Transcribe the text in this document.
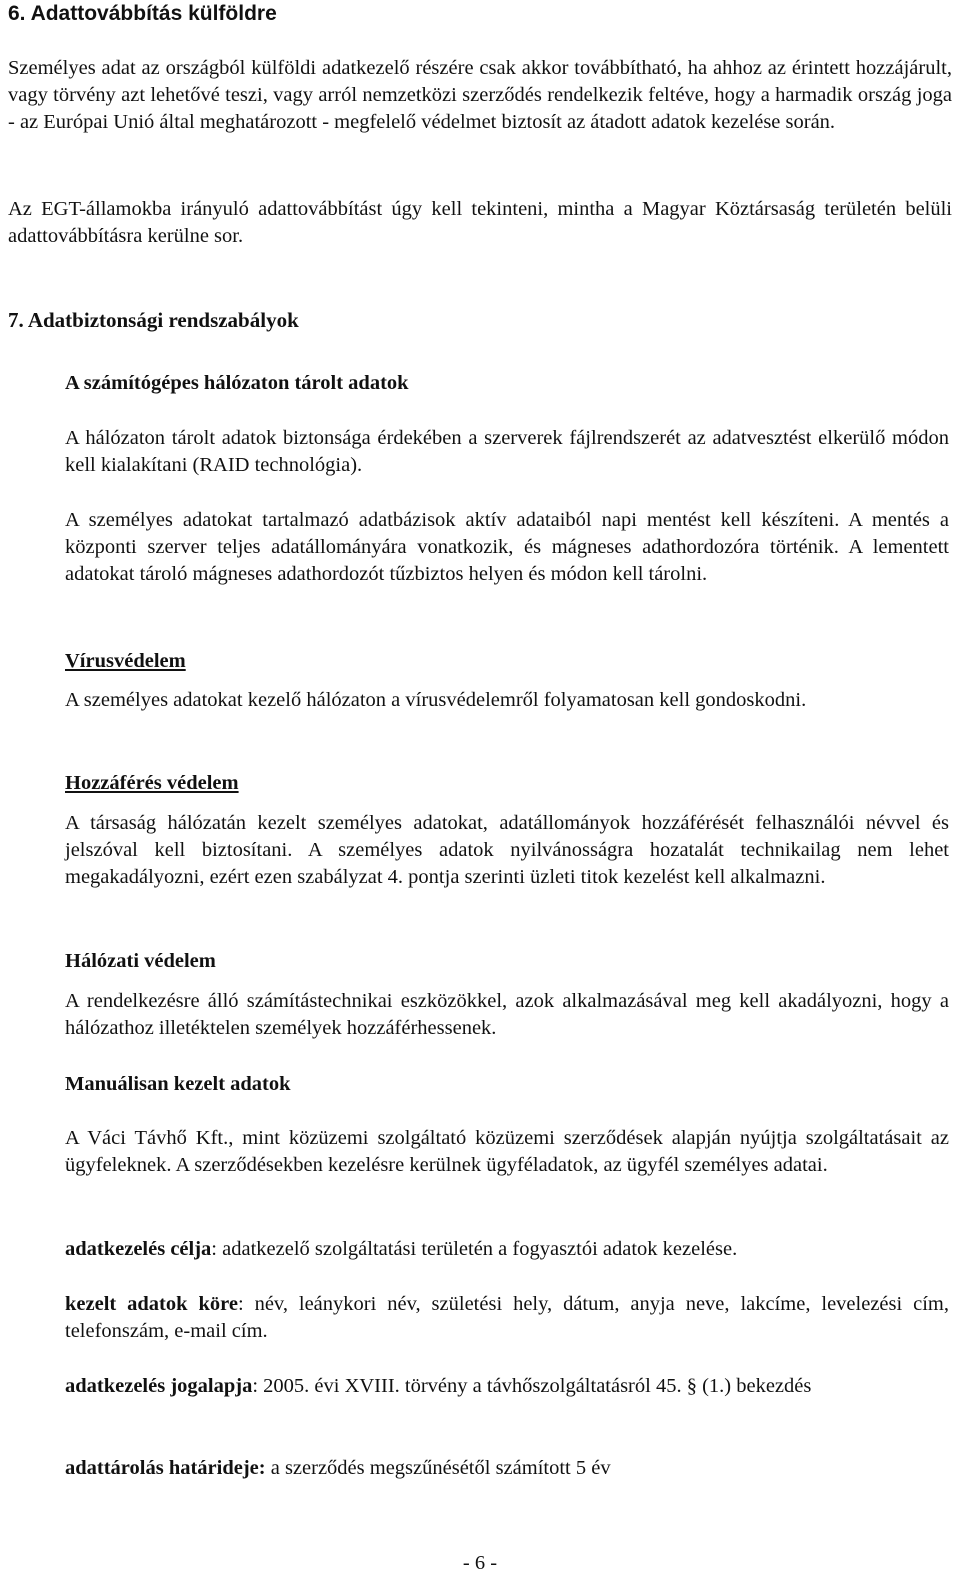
6. Adattovábbítás külföldre

Személyes adat az országból külföldi adatkezelő részére csak akkor továbbítható, ha ahhoz az érintett hozzájárult, vagy törvény azt lehetővé teszi, vagy arról nemzetközi szerződés rendelkezik feltéve, hogy a harmadik ország joga - az Európai Unió által meghatározott - megfelelő védelmet biztosít az átadott adatok kezelése során.

Az EGT-államokba irányuló adattovábbítást úgy kell tekinteni, mintha a Magyar Köztársaság területén belüli adattovábbításra kerülne sor.

7. Adatbiztonsági rendszabályok
A számítógépes hálózaton tárolt adatok

A hálózaton tárolt adatok biztonsága érdekében a szerverek fájlrendszerét az adatvesztést elkerülő módon kell kialakítani (RAID technológia).

A személyes adatokat tartalmazó adatbázisok aktív adataiból napi mentést kell készíteni. A mentés a központi szerver teljes adatállományára vonatkozik, és mágneses adathordozóra történik. A lementett adatokat tároló mágneses adathordozót tűzbiztos helyen és módon kell tárolni.

Vírusvédelem

A személyes adatokat kezelő hálózaton a vírusvédelemről folyamatosan kell gondoskodni.

Hozzáférés védelem

A társaság hálózatán kezelt személyes adatokat, adatállományok hozzáférését felhasználói névvel és jelszóval kell biztosítani. A személyes adatok nyilvánosságra hozatalát technikailag nem lehet megakadályozni, ezért ezen szabályzat 4. pontja szerinti üzleti titok kezelést kell alkalmazni.

Hálózati védelem

A rendelkezésre álló számítástechnikai eszközökkel, azok alkalmazásával meg kell akadályozni, hogy a hálózathoz illetéktelen személyek hozzáférhessenek.

Manuálisan kezelt adatok

A Váci Távhő Kft., mint közüzemi szolgáltató közüzemi szerződések alapján nyújtja szolgáltatásait az ügyfeleknek. A szerződésekben kezelésre kerülnek ügyféladatok, az ügyfél személyes adatai.

adatkezelés célja: adatkezelő szolgáltatási területén a fogyasztói adatok kezelése.

kezelt adatok köre: név, leánykori név, születési hely, dátum, anyja neve, lakcíme, levelezési cím, telefonszám, e-mail cím.

adatkezelés jogalapja: 2005. évi XVIII. törvény a távhőszolgáltatásról 45. § (1.) bekezdés

adattárolás határideje: a szerződés megszűnésétől számított 5 év

- 6 -
